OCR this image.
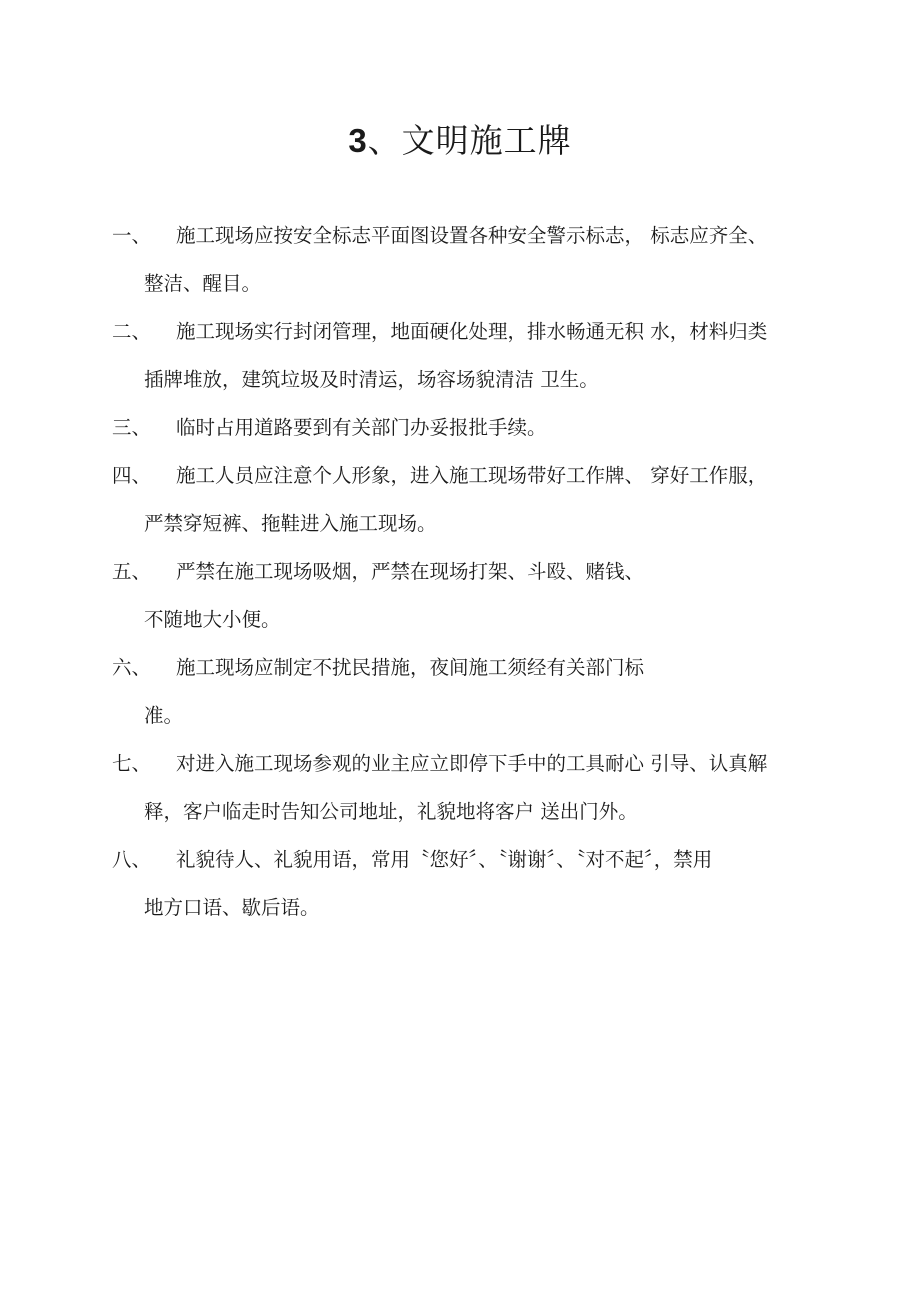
3、文明施工牌
一、 施工现场应按安全标志平面图设置各种安全警示标志， 标志应齐全、
整洁、醒目。
二、 施工现场实行封闭管理，地面硬化处理，排水畅通无积 水，材料归类
插牌堆放，建筑垃圾及时清运，场容场貌清洁 卫生。
三、 临时占用道路要到有关部门办妥报批手续。
四、 施工人员应注意个人形象，进入施工现场带好工作牌、 穿好工作服，
严禁穿短裤、拖鞋进入施工现场。
五、 严禁在施工现场吸烟，严禁在现场打架、斗殴、赌钱、
不随地大小便。
六、 施工现场应制定不扰民措施，夜间施工须经有关部门标
准。
七、 对进入施工现场参观的业主应立即停下手中的工具耐心 引导、认真解
释，客户临走时告知公司地址，礼貌地将客户 送出门外。
八、 礼貌待人、礼貌用语，常用〝您好〞、〝谢谢〞、〝对不起〞，禁用
地方口语、歇后语。
